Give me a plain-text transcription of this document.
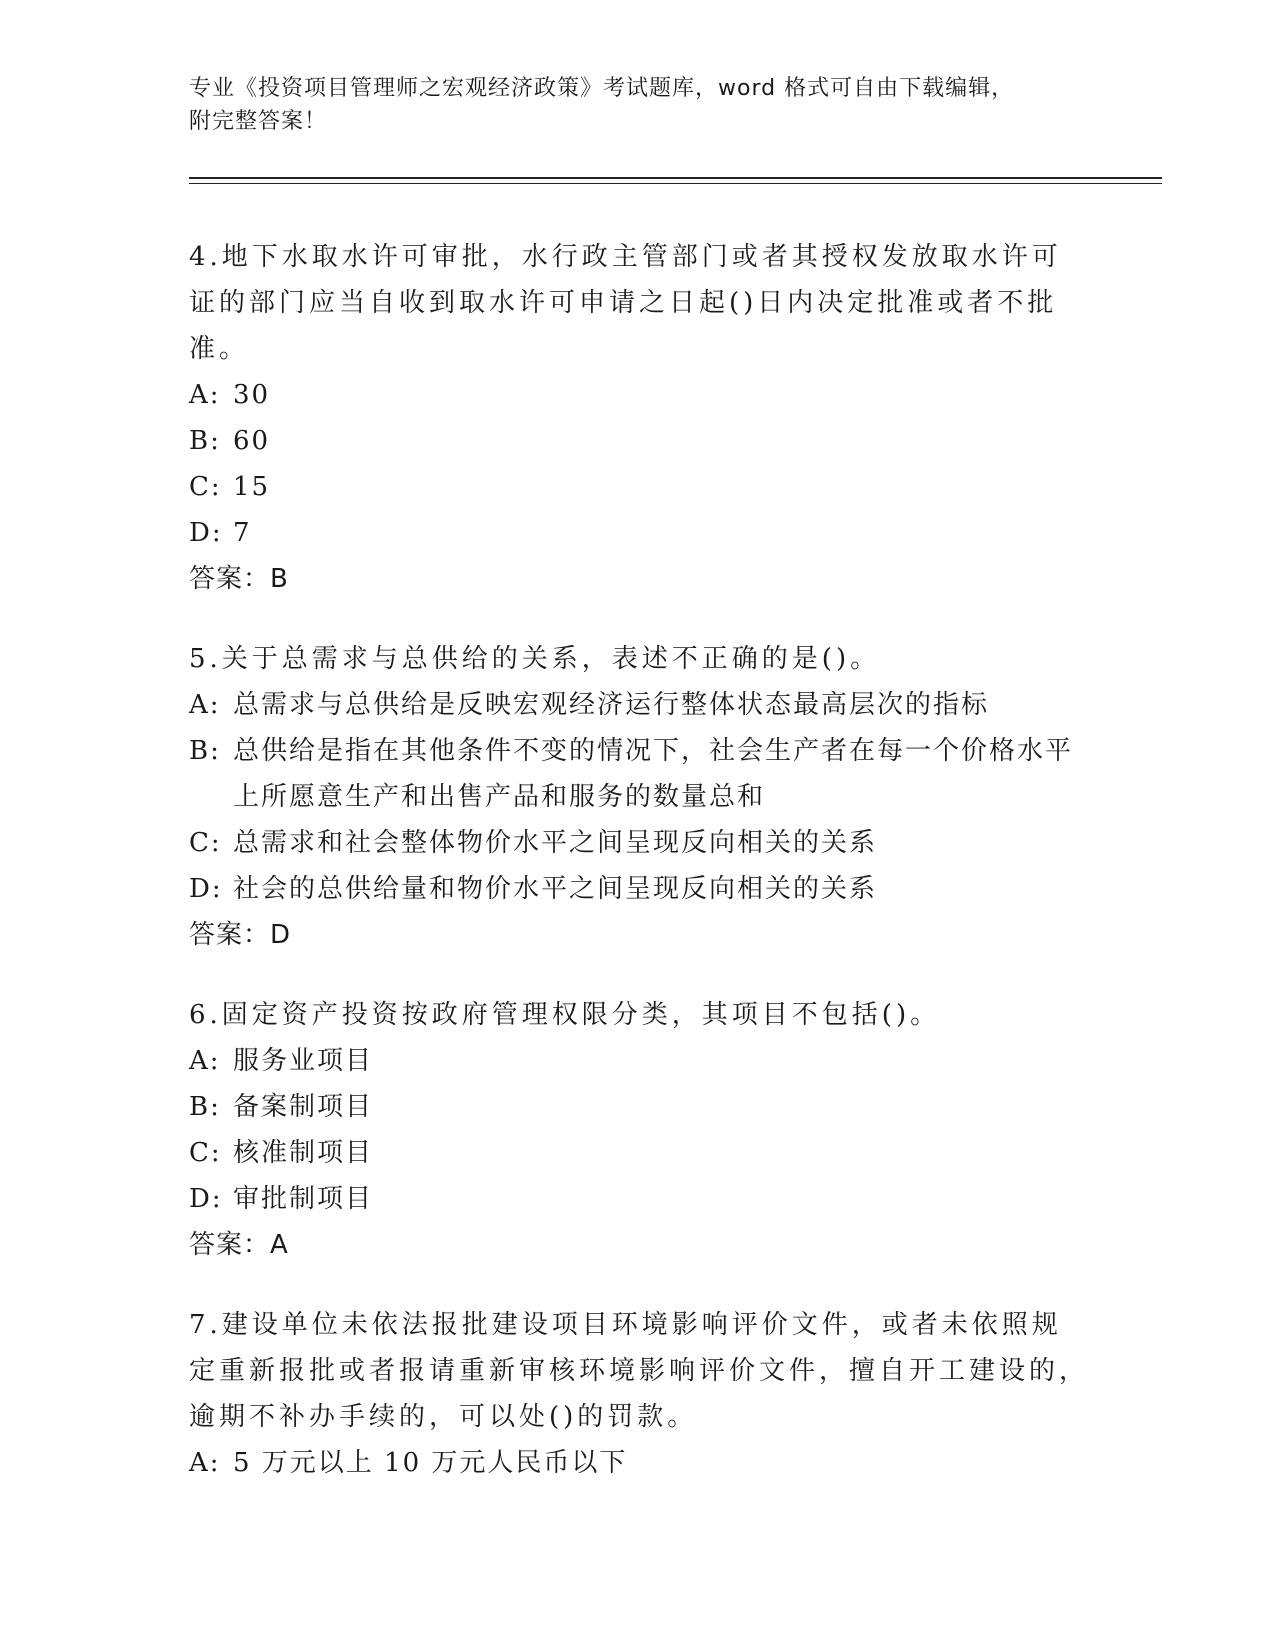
专业《投资项目管理师之宏观经济政策》考试题库，word 格式可自由下载编辑，
附完整答案！

4.地下水取水许可审批，水行政主管部门或者其授权发放取水许可证的部门应当自收到取水许可申请之日起()日内决定批准或者不批准。

A: 30

B: 60

C: 15

D: 7

答案：B

5.关于总需求与总供给的关系，表述不正确的是()。

A: 总需求与总供给是反映宏观经济运行整体状态最高层次的指标

B: 总供给是指在其他条件不变的情况下，社会生产者在每一个价格水平上所愿意生产和出售产品和服务的数量总和

C: 总需求和社会整体物价水平之间呈现反向相关的关系

D: 社会的总供给量和物价水平之间呈现反向相关的关系

答案：D

6.固定资产投资按政府管理权限分类，其项目不包括()。

A: 服务业项目

B: 备案制项目

C: 核准制项目

D: 审批制项目

答案：A

7.建设单位未依法报批建设项目环境影响评价文件，或者未依照规定重新报批或者报请重新审核环境影响评价文件，擅自开工建设的，逾期不补办手续的，可以处()的罚款。

A: 5 万元以上 10 万元人民币以下
